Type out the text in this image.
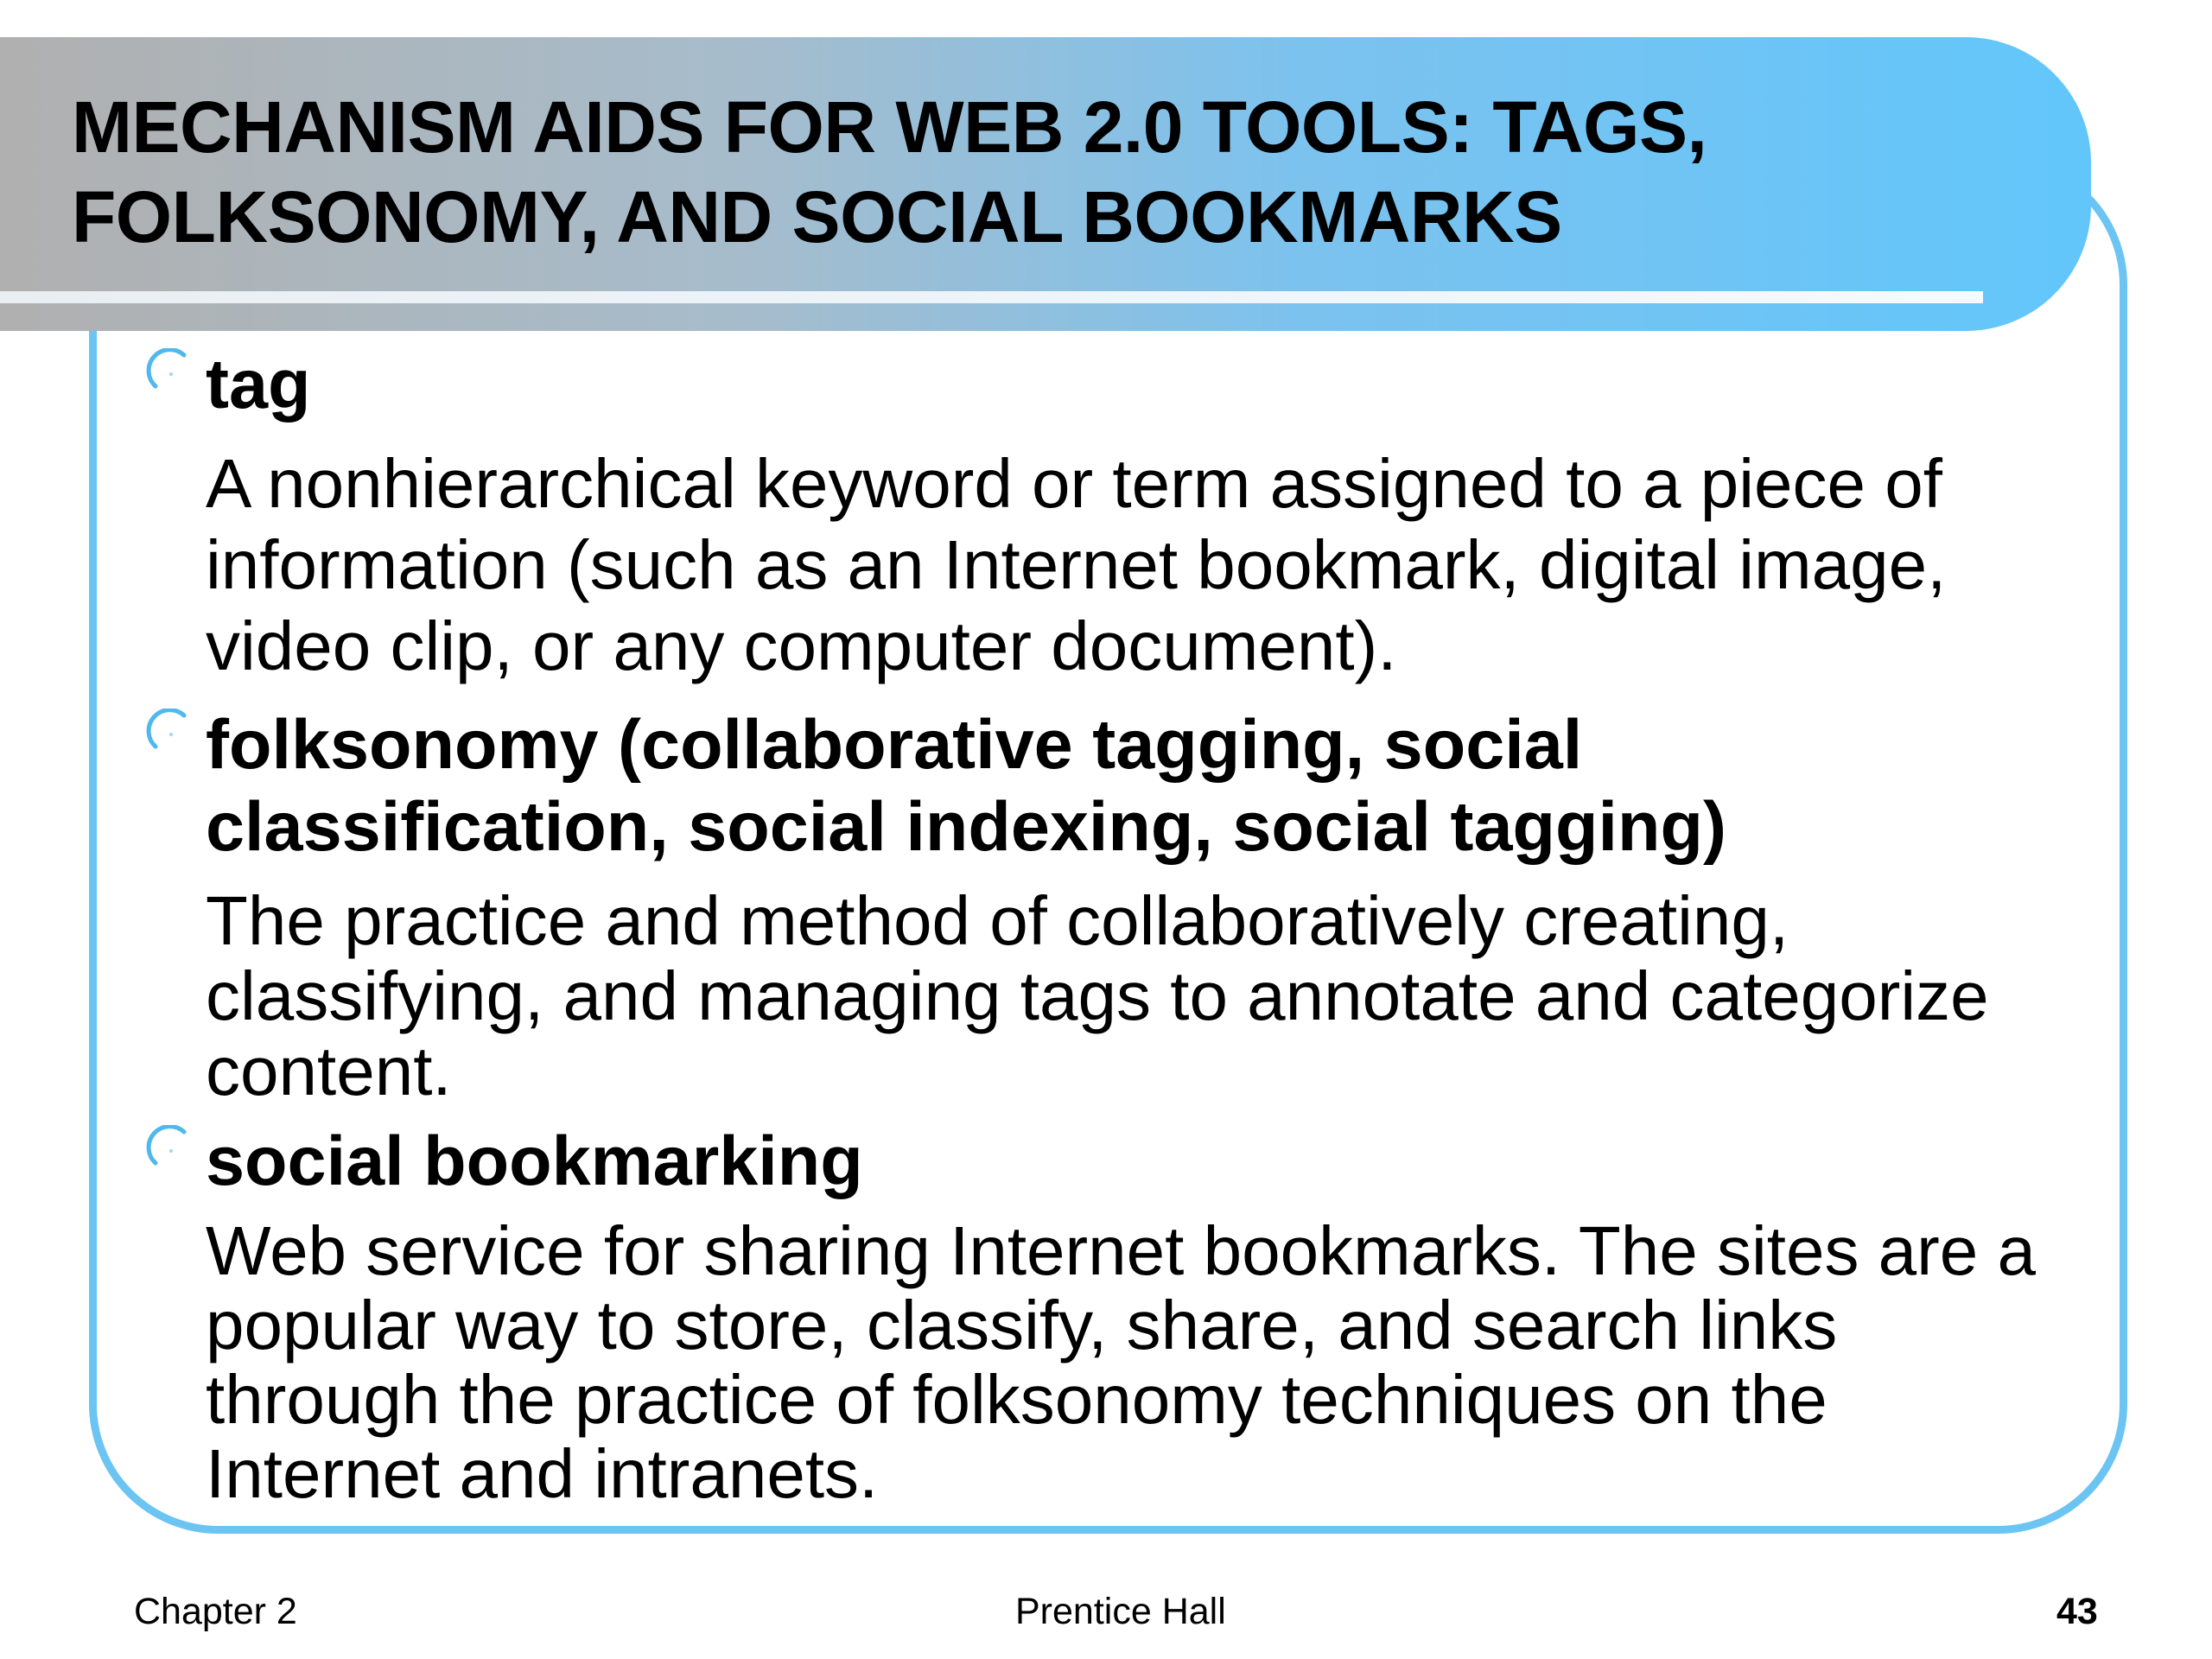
MECHANISM AIDS FOR WEB 2.0 TOOLS: TAGS, FOLKSONOMY, AND SOCIAL BOOKMARKS

tag

A nonhierarchical keyword or term assigned to a piece of information (such as an Internet bookmark, digital image, video clip, or any computer document).

folksonomy (collaborative tagging, social classification, social indexing, social tagging)

The practice and method of collaboratively creating, classifying, and managing tags to annotate and categorize content.

social bookmarking

Web service for sharing Internet bookmarks. The sites are a popular way to store, classify, share, and search links through the practice of folksonomy techniques on the Internet and intranets.

Chapter 2	Prentice Hall	43
